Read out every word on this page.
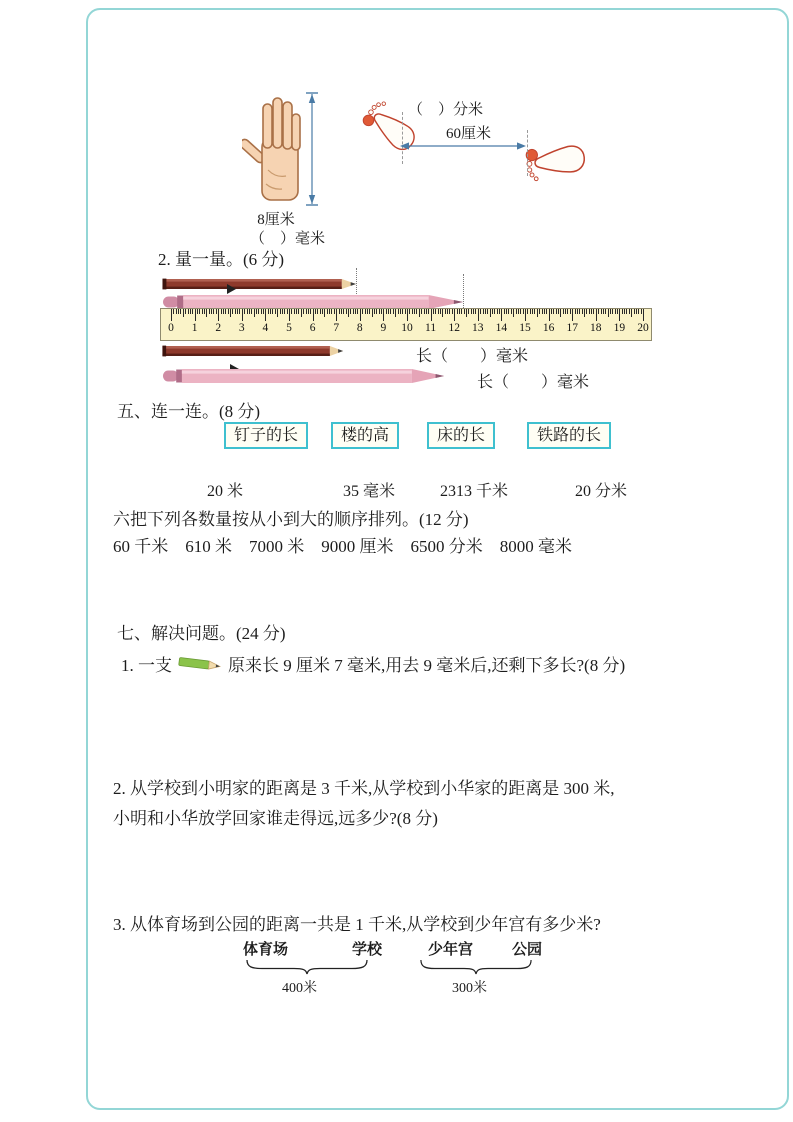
8厘米
（　）毫米
（　）分米
60厘米
2. 量一量。(6 分)
0 1 2 3 4 5 6 7 8 9 10 11 12 13 14 15 16 17 18 19 20
长（　　）毫米
长（　　）毫米
五、连一连。(8 分)
钉子的长	楼的高	床的长	铁路的长
20 米	35 毫米	2313 千米	20 分米
六把下列各数量按从小到大的顺序排列。(12 分)
60 千米　610 米　7000 米　9000 厘米　6500 分米　8000 毫米
七、解决问题。(24 分)
1. 一支	原来长 9 厘米 7 毫米,用去 9 毫米后,还剩下多长?(8 分)
2. 从学校到小明家的距离是 3 千米,从学校到小华家的距离是 300 米,
小明和小华放学回家谁走得远,远多少?(8 分)
3. 从体育场到公园的距离一共是 1 千米,从学校到少年宫有多少米?
体育场	学校	少年宫	公园
400米	300米
